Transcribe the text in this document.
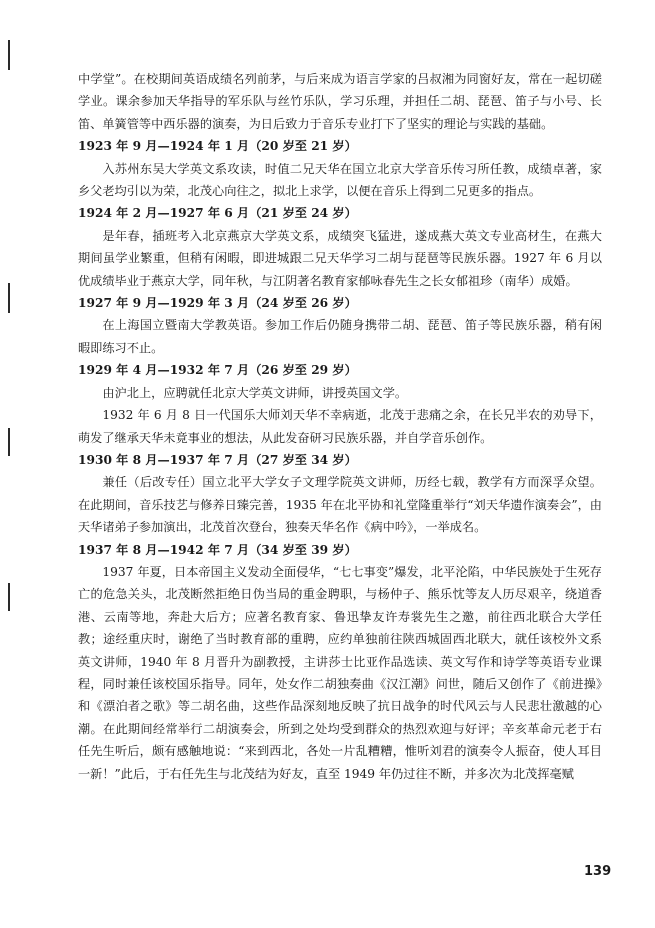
中学堂”。在校期间英语成绩名列前茅，与后来成为语言学家的吕叔湘为同窗好友，常在一起切磋学业。课余参加天华指导的军乐队与丝竹乐队，学习乐理，并担任二胡、琵琶、笛子与小号、长笛、单簧管等中西乐器的演奏，为日后致力于音乐专业打下了坚实的理论与实践的基础。

1923 年 9 月—1924 年 1 月（20 岁至 21 岁）

入苏州东吴大学英文系攻读，时值二兄天华在国立北京大学音乐传习所任教，成绩卓著，家乡父老均引以为荣，北茂心向往之，拟北上求学，以便在音乐上得到二兄更多的指点。

1924 年 2 月—1927 年 6 月（21 岁至 24 岁）

是年春，插班考入北京燕京大学英文系，成绩突飞猛进，遂成燕大英文专业高材生，在燕大期间虽学业繁重，但稍有闲暇，即进城跟二兄天华学习二胡与琵琶等民族乐器。1927 年 6 月以优成绩毕业于燕京大学，同年秋，与江阴著名教育家郁咏春先生之长女郁祖珍（南华）成婚。

1927 年 9 月—1929 年 3 月（24 岁至 26 岁）

在上海国立暨南大学教英语。参加工作后仍随身携带二胡、琵琶、笛子等民族乐器，稍有闲暇即练习不止。

1929 年 4 月—1932 年 7 月（26 岁至 29 岁）

由沪北上，应聘就任北京大学英文讲师，讲授英国文学。

1932 年 6 月 8 日一代国乐大师刘天华不幸病逝，北茂于悲痛之余，在长兄半农的劝导下，萌发了继承天华未竟事业的想法，从此发奋研习民族乐器，并自学音乐创作。

1930 年 8 月—1937 年 7 月（27 岁至 34 岁）

兼任（后改专任）国立北平大学女子文理学院英文讲师，历经七载，教学有方而深孚众望。在此期间，音乐技艺与修养日臻完善，1935 年在北平协和礼堂隆重举行“刘天华遗作演奏会”，由天华诸弟子参加演出，北茂首次登台，独奏天华名作《病中吟》，一举成名。

1937 年 8 月—1942 年 7 月（34 岁至 39 岁）

1937 年夏，日本帝国主义发动全面侵华，“七七事变”爆发，北平沦陷，中华民族处于生死存亡的危急关头，北茂断然拒绝日伪当局的重金聘职，与杨仲子、熊乐忱等友人历尽艰辛，绕道香港、云南等地，奔赴大后方；应著名教育家、鲁迅挚友许寿裳先生之邀，前往西北联合大学任教；途经重庆时，谢绝了当时教育部的重聘，应约单独前往陕西城固西北联大，就任该校外文系英文讲师，1940 年 8 月晋升为副教授，主讲莎士比亚作品选读、英文写作和诗学等英语专业课程，同时兼任该校国乐指导。同年，处女作二胡独奏曲《汉江潮》问世，随后又创作了《前进操》和《漂泊者之歌》等二胡名曲，这些作品深刻地反映了抗日战争的时代风云与人民悲壮激越的心潮。在此期间经常举行二胡演奏会，所到之处均受到群众的热烈欢迎与好评；辛亥革命元老于右任先生听后，颇有感触地说：“来到西北，各处一片乱糟糟，惟听刘君的演奏令人振奋，使人耳目一新！”此后，于右任先生与北茂结为好友，直至 1949 年仍过往不断，并多次为北茂挥毫赋

139
